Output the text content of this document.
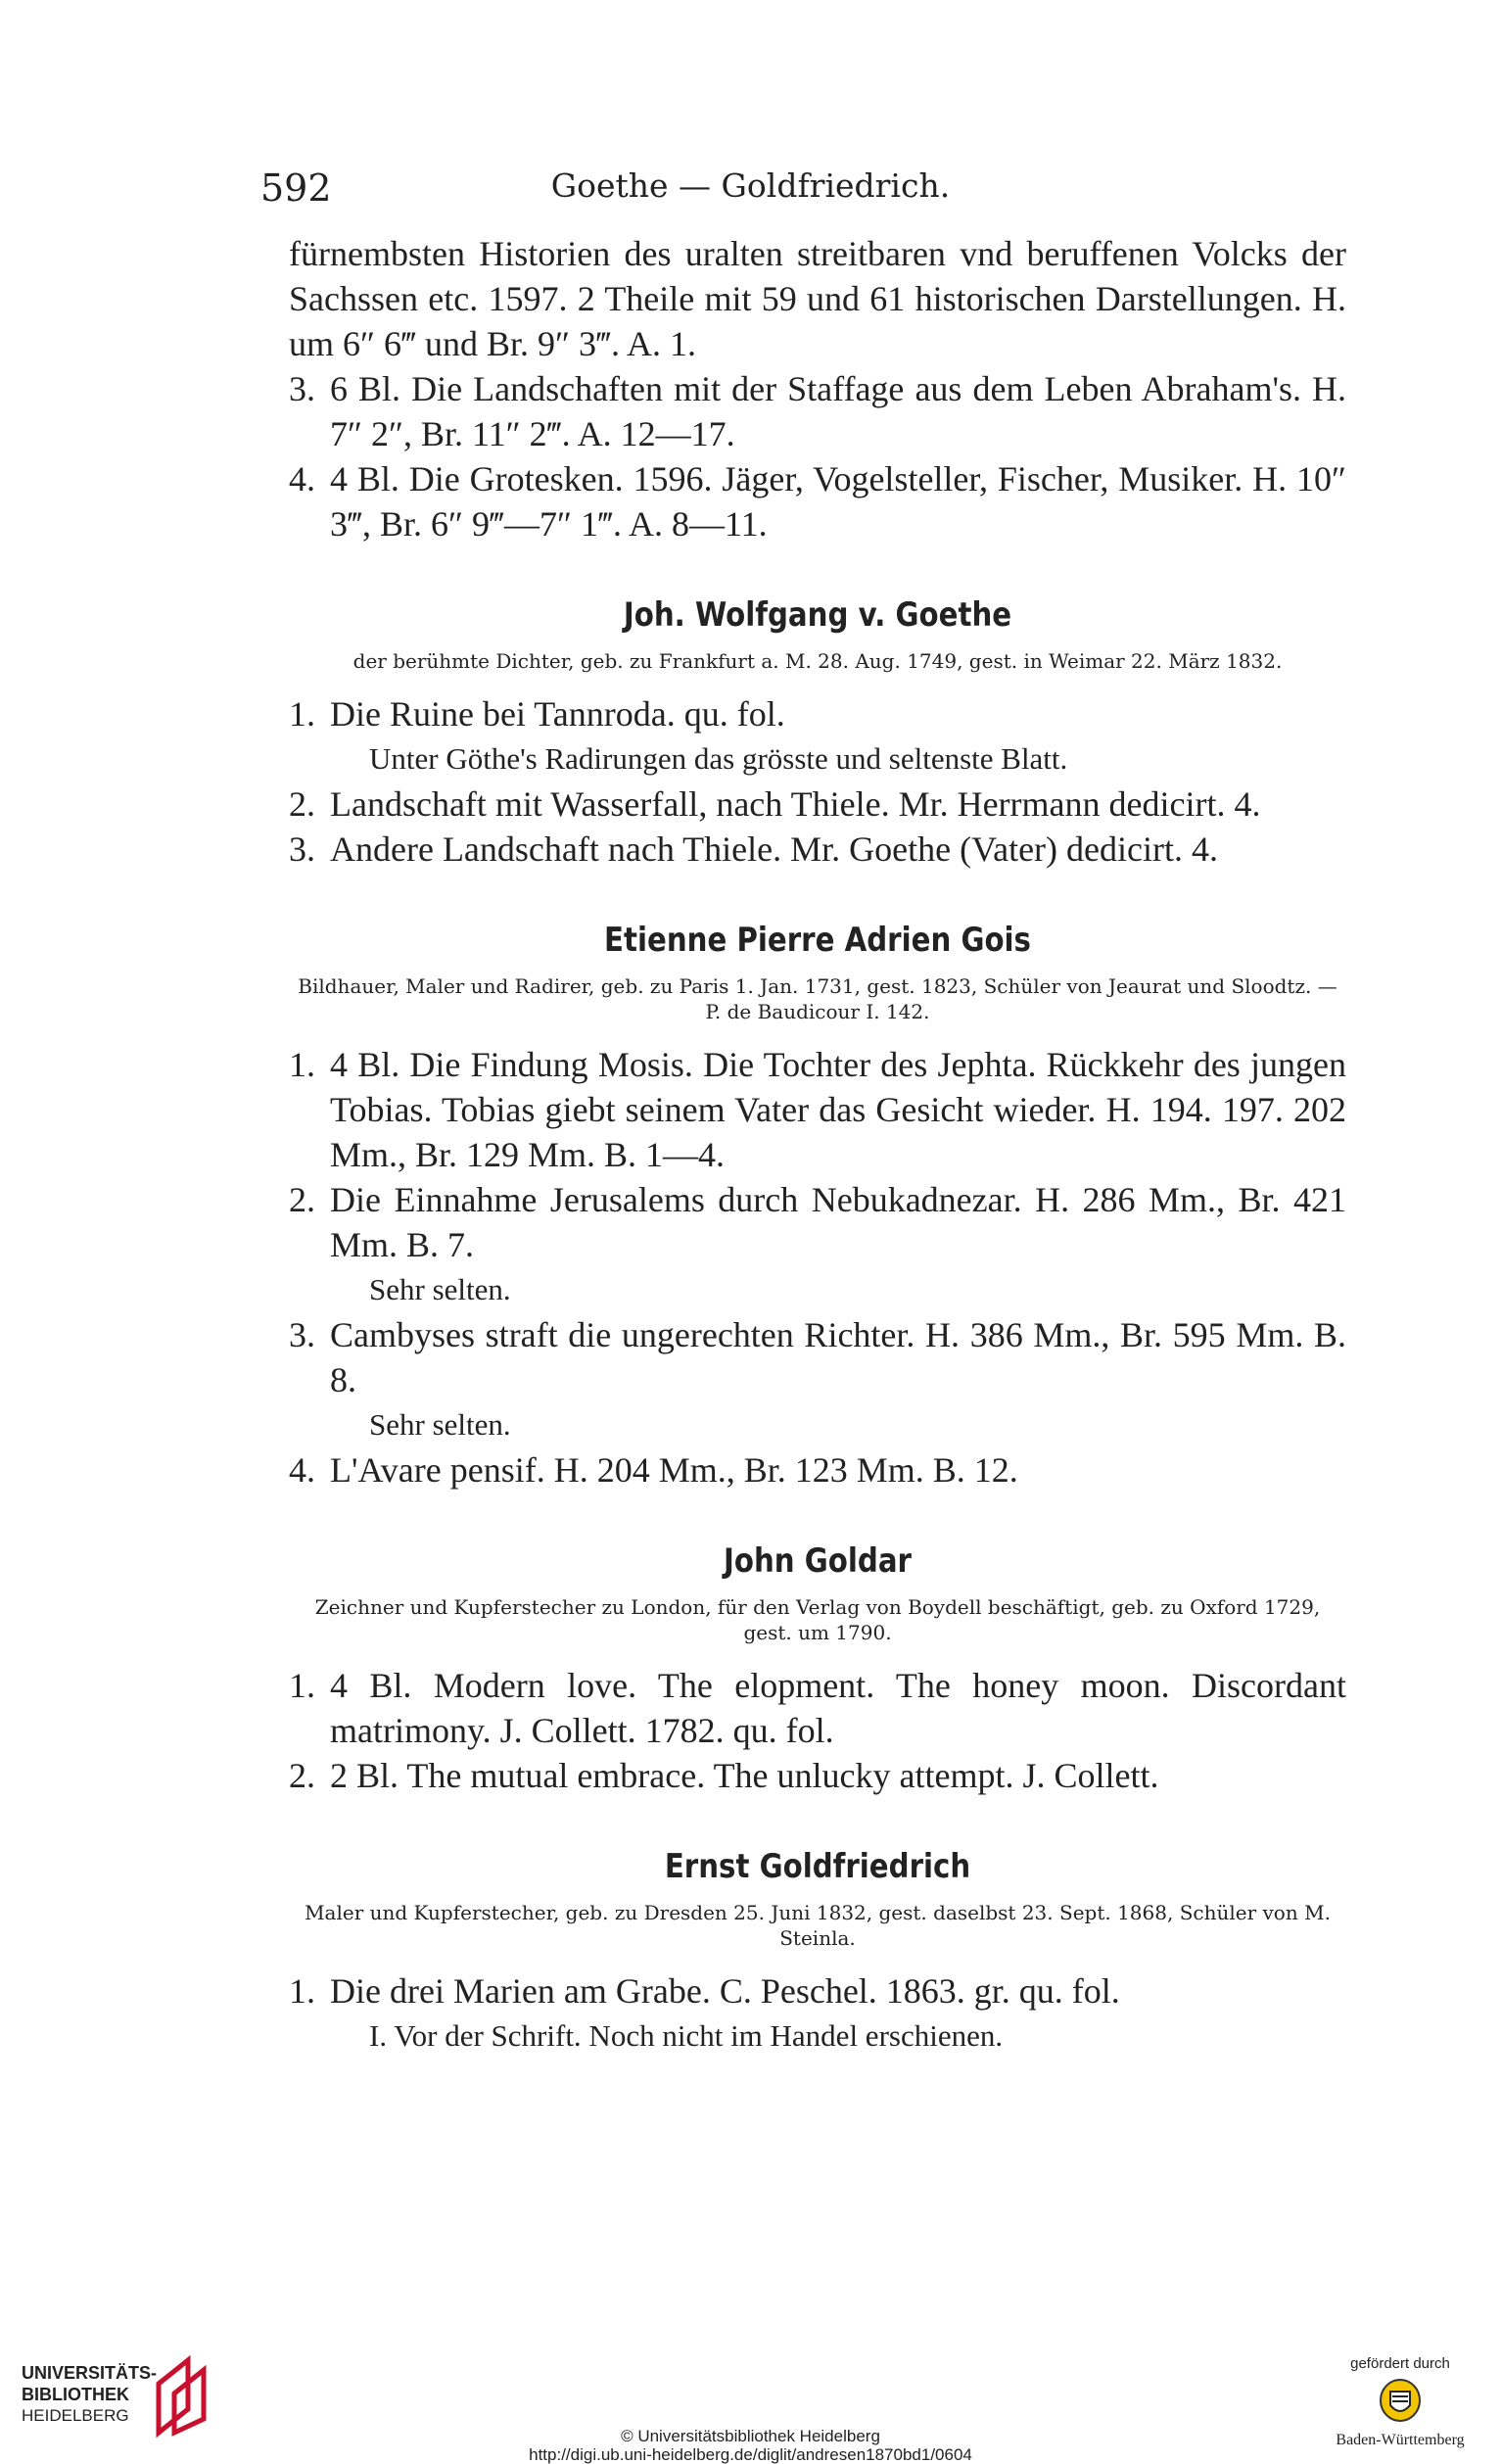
592	Goethe — Goldfriedrich.
fürnembsten Historien des uralten streitbaren vnd beruffenen Volcks der Sachssen etc. 1597. 2 Theile mit 59 und 61 historischen Darstellungen. H. um 6″ 6‴ und Br. 9″ 3‴. A. 1.
3. 6 Bl. Die Landschaften mit der Staffage aus dem Leben Abraham's. H. 7″ 2″, Br. 11″ 2‴. A. 12—17.
4. 4 Bl. Die Grotesken. 1596. Jäger, Vogelsteller, Fischer, Musiker. H. 10″ 3‴, Br. 6″ 9‴—7″ 1‴. A. 8—11.
Joh. Wolfgang v. Goethe
der berühmte Dichter, geb. zu Frankfurt a. M. 28. Aug. 1749, gest. in Weimar 22. März 1832.
1. Die Ruine bei Tannroda. qu. fol.
Unter Göthe's Radirungen das grösste und seltenste Blatt.
2. Landschaft mit Wasserfall, nach Thiele. Mr. Herrmann dedicirt. 4.
3. Andere Landschaft nach Thiele. Mr. Goethe (Vater) dedicirt. 4.
Etienne Pierre Adrien Gois
Bildhauer, Maler und Radirer, geb. zu Paris 1. Jan. 1731, gest. 1823, Schüler von Jeaurat und Sloodtz. — P. de Baudicour I. 142.
1. 4 Bl. Die Findung Mosis. Die Tochter des Jephta. Rückkehr des jungen Tobias. Tobias giebt seinem Vater das Gesicht wieder. H. 194. 197. 202 Mm., Br. 129 Mm. B. 1—4.
2. Die Einnahme Jerusalems durch Nebukadnezar. H. 286 Mm., Br. 421 Mm. B. 7.
Sehr selten.
3. Cambyses straft die ungerechten Richter. H. 386 Mm., Br. 595 Mm. B. 8.
Sehr selten.
4. L'Avare pensif. H. 204 Mm., Br. 123 Mm. B. 12.
John Goldar
Zeichner und Kupferstecher zu London, für den Verlag von Boydell beschäftigt, geb. zu Oxford 1729, gest. um 1790.
1. 4 Bl. Modern love. The elopment. The honey moon. Discordant matrimony. J. Collett. 1782. qu. fol.
2. 2 Bl. The mutual embrace. The unlucky attempt. J. Collett.
Ernst Goldfriedrich
Maler und Kupferstecher, geb. zu Dresden 25. Juni 1832, gest. daselbst 23. Sept. 1868, Schüler von M. Steinla.
1. Die drei Marien am Grabe. C. Peschel. 1863. gr. qu. fol.
I. Vor der Schrift. Noch nicht im Handel erschienen.
UNIVERSITÄTS-
BIBLIOTHEK
HEIDELBERG
© Universitätsbibliothek Heidelberg
http://digi.ub.uni-heidelberg.de/diglit/andresen1870bd1/0604
gefördert durch
Baden-Württemberg
